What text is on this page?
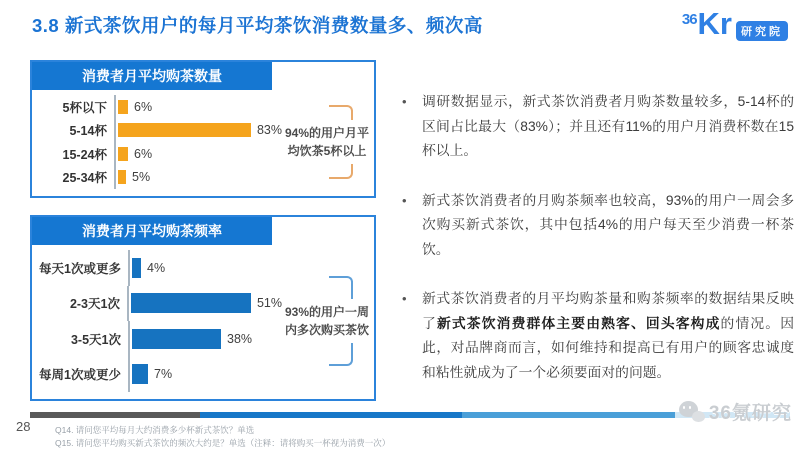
3.8 新式茶饮用户的每月平均茶饮消费数量多、频次高	36 Kr 研究院
消费者月平均购茶数量
5杯以下	6%
5-14杯	83%
15-24杯	6%
25-34杯	5%
94%的用户月平均饮茶5杯以上
消费者月平均购茶频率
每天1次或更多	4%
2-3天1次	51%
3-5天1次	38%
每周1次或更少	7%
93%的用户一周内多次购买茶饮
•	调研数据显示，新式茶饮消费者月购茶数量较多，5-14杯的区间占比最大（83%）；并且还有11%的用户月消费杯数在15杯以上。

•	新式茶饮消费者的月购茶频率也较高，93%的用户一周会多次购买新式茶饮，其中包括4%的用户每天至少消费一杯茶饮。

•	新式茶饮消费者的月平均购茶量和购茶频率的数据结果反映了新式茶饮消费群体主要由熟客、回头客构成的情况。因此，对品牌商而言，如何维持和提高已有用户的顾客忠诚度和粘性就成为了一个必须要面对的问题。

28	Q14. 请问您平均每月大约消费多少杯新式茶饮？单选
Q15. 请问您平均购买新式茶饮的频次大约是？单选（注释：请将购买一杯视为消费一次）
36氪研究
